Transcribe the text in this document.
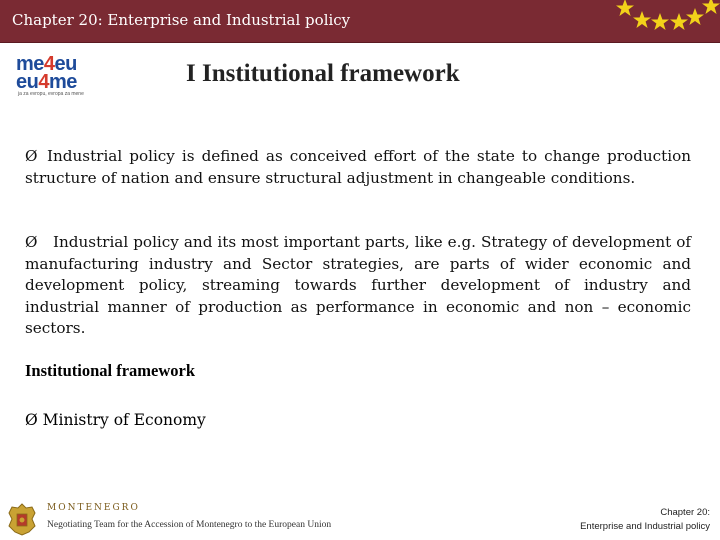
Chapter 20: Enterprise and Industrial policy
me4eu
eu4me
ja za evropu, evropa za mene
I Institutional framework
Ø Industrial policy is defined as conceived effort of the state to change production structure of nation and ensure structural adjustment in changeable conditions.
Ø Industrial policy and its most important parts, like e.g. Strategy of development of manufacturing industry and Sector strategies, are parts of wider economic and development policy, streaming towards further development of industry and industrial manner of production as performance in economic and non – economic sectors.
Institutional framework
Ø Ministry of Economy
MONTENEGRO
Negotiating Team for the Accession of Montenegro to the European Union
Chapter 20:
Enterprise and Industrial policy
